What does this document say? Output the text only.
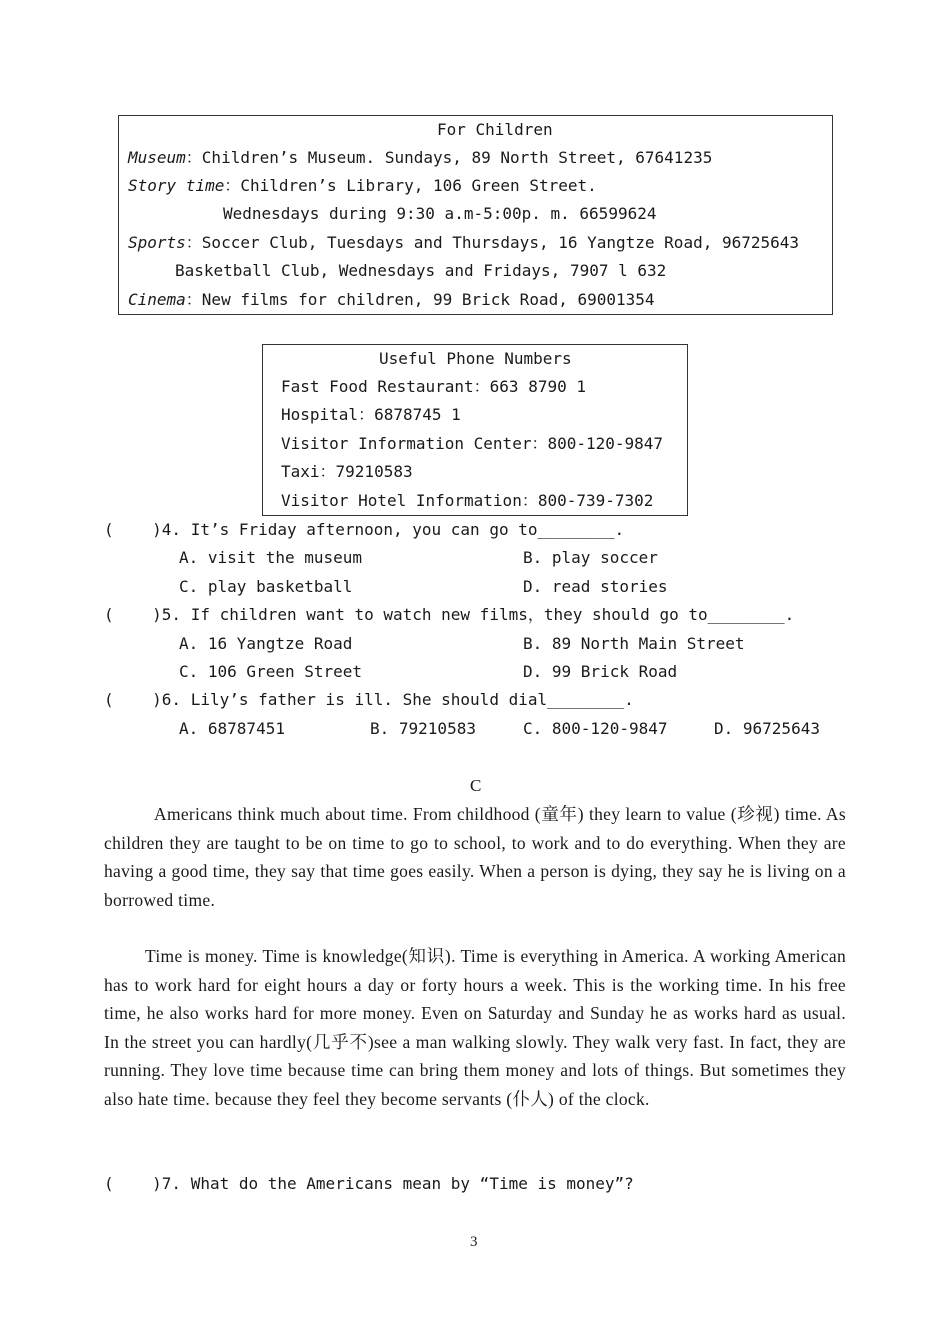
For Children
Museum：Children’s Museum. Sundays, 89 North Street, 67641235
Story time：Children’s Library, 106 Green Street.
Wednesdays during 9:30 a.m-5:00p. m. 66599624
Sports：Soccer Club, Tuesdays and Thursdays, 16 Yangtze Road, 96725643
Basketball Club, Wednesdays and Fridays, 7907 l 632
Cinema：New films for children, 99 Brick Road, 69001354
Useful Phone Numbers
Fast Food Restaurant：663 8790 1
Hospital：6878745 1
Visitor Information Center：800-120-9847
Taxi：79210583
Visitor Hotel Information：800-739-7302
(    )4. It’s Friday afternoon, you can go to________.
A. visit the museum	B. play soccer
C. play basketball	D. read stories
(    )5. If children want to watch new films，they should go to________.
A. 16 Yangtze Road	B. 89 North Main Street
C. 106 Green Street	D. 99 Brick Road
(    )6. Lily’s father is ill. She should dial________.
A. 68787451	B. 79210583	C. 800-120-9847	D. 96725643
C
Americans think much about time. From childhood (童年) they learn to value (珍视) time. As children they are taught to be on time to go to school, to work and to do everything. When they are having a good time, they say that time goes easily. When a person is dying, they say he is living on a borrowed time.
Time is money. Time is knowledge(知识). Time is everything in America. A working American has to work hard for eight hours a day or forty hours a week. This is the working time. In his free time, he also works hard for more money. Even on Saturday and Sunday he as works hard as usual. In the street you can hardly(几乎不)see a man walking slowly. They walk very fast. In fact, they are running. They love time because time can bring them money and lots of things. But sometimes they also hate time. because they feel they become servants (仆人) of the clock.
(    )7. What do the Americans mean by “Time is money”?
3
